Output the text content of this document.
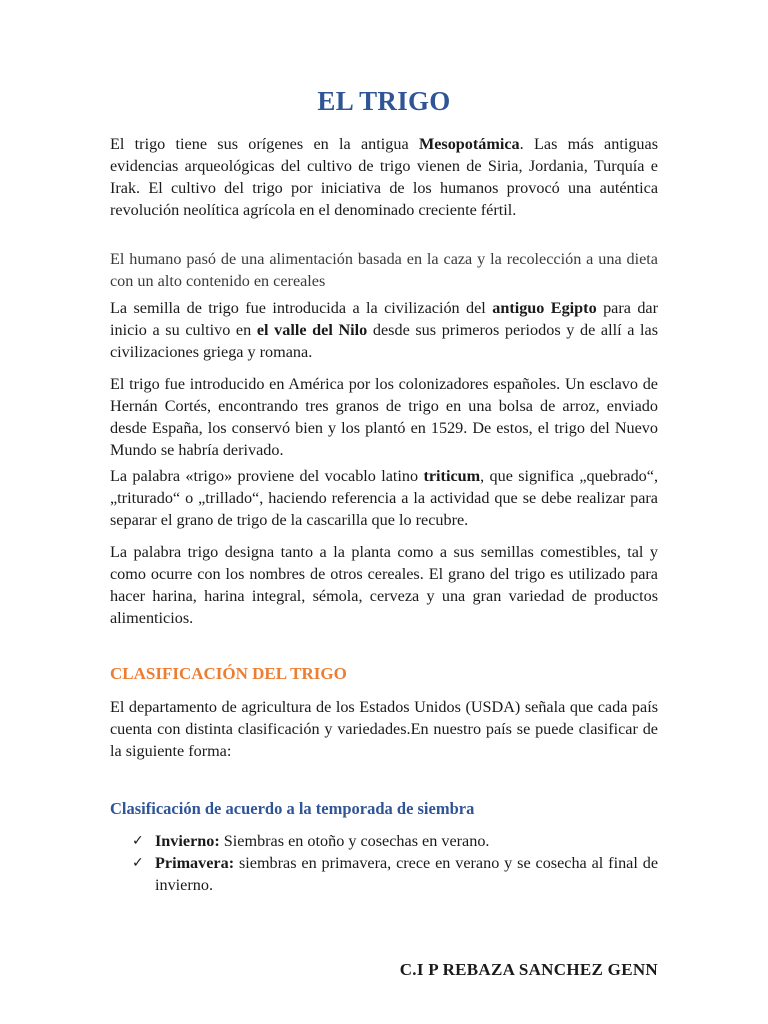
EL TRIGO

El trigo tiene sus orígenes en la antigua Mesopotámica. Las más antiguas evidencias arqueológicas del cultivo de trigo vienen de Siria, Jordania, Turquía e Irak. El cultivo del trigo por iniciativa de los humanos provocó una auténtica revolución neolítica agrícola en el denominado creciente fértil.

El humano pasó de una alimentación basada en la caza y la recolección a una dieta con un alto contenido en cereales

La semilla de trigo fue introducida a la civilización del antiguo Egipto para dar inicio a su cultivo en el valle del Nilo desde sus primeros periodos y de allí a las civilizaciones griega y romana.

El trigo fue introducido en América por los colonizadores españoles. Un esclavo de Hernán Cortés, encontrando tres granos de trigo en una bolsa de arroz, enviado desde España, los conservó bien y los plantó en 1529. De estos, el trigo del Nuevo Mundo se habría derivado.

La palabra «trigo» proviene del vocablo latino triticum, que significa „quebrado“, „triturado“ o „trillado“, haciendo referencia a la actividad que se debe realizar para separar el grano de trigo de la cascarilla que lo recubre.

La palabra trigo designa tanto a la planta como a sus semillas comestibles, tal y como ocurre con los nombres de otros cereales. El grano del trigo es utilizado para hacer harina, harina integral, sémola, cerveza y una gran variedad de productos alimenticios.

CLASIFICACIÓN DEL TRIGO

El departamento de agricultura de los Estados Unidos (USDA) señala que cada país cuenta con distinta clasificación y variedades.En nuestro país se puede clasificar de la siguiente forma:

Clasificación de acuerdo a la temporada de siembra
✓ Invierno: Siembras en otoño y cosechas en verano.
✓ Primavera: siembras en primavera, crece en verano y se cosecha al final de invierno.

C.I P REBAZA SANCHEZ GENN
